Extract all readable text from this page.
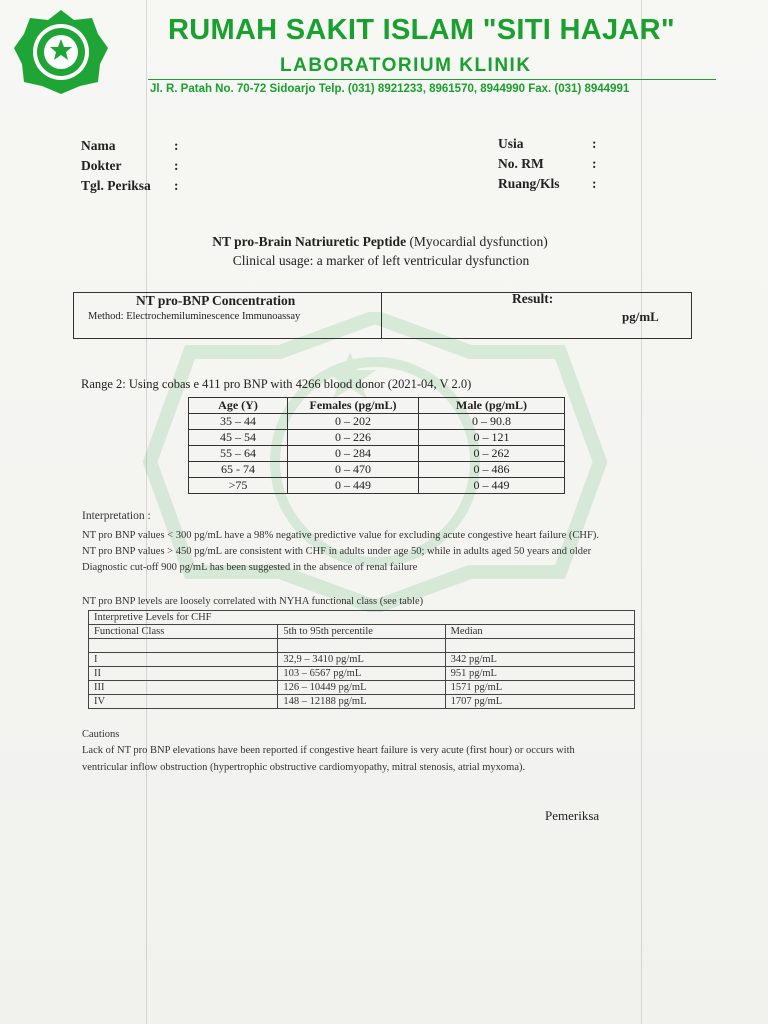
RUMAH SAKIT ISLAM "SITI HAJAR"
LABORATORIUM KLINIK
Jl. R. Patah No. 70-72 Sidoarjo Telp. (031) 8921233, 8961570, 8944990 Fax. (031) 8944991
Nama	:
Dokter	:
Tgl. Periksa :
Usia	:
No. RM	:
Ruang/Kls :
NT pro-Brain Natriuretic Peptide (Myocardial dysfunction)
Clinical usage: a marker of left ventricular dysfunction
NT pro-BNP Concentration
Method: Electrochemiluminescence Immunoassay
Result:
pg/mL
Range 2: Using cobas e 411 pro BNP with 4266 blood donor (2021-04, V 2.0)
Age (Y)	Females (pg/mL)	Male (pg/mL)
35 – 44	0 – 202	0 – 90.8
45 – 54	0 – 226	0 – 121
55 – 64	0 – 284	0 – 262
65 - 74	0 – 470	0 – 486
>75	0 – 449	0 – 449
Interpretation :
NT pro BNP values < 300 pg/mL have a 98% negative predictive value for excluding acute congestive heart failure (CHF).
NT pro BNP values > 450 pg/mL are consistent with CHF in adults under age 50; while in adults aged 50 years and older
Diagnostic cut-off 900 pg/mL has been suggested in the absence of renal failure
NT pro BNP levels are loosely correlated with NYHA functional class (see table)
Interpretive Levels for CHF		
Functional Class	5th to 95th percentile	Median

I	32,9 – 3410 pg/mL	342 pg/mL
II	103 – 6567 pg/mL	951 pg/mL
III	126 – 10449 pg/mL	1571 pg/mL
IV	148 – 12188 pg/mL	1707 pg/mL
Cautions
Lack of NT pro BNP elevations have been reported if congestive heart failure is very acute (first hour) or occurs with
ventricular inflow obstruction (hypertrophic obstructive cardiomyopathy, mitral stenosis, atrial myxoma).
Pemeriksa
